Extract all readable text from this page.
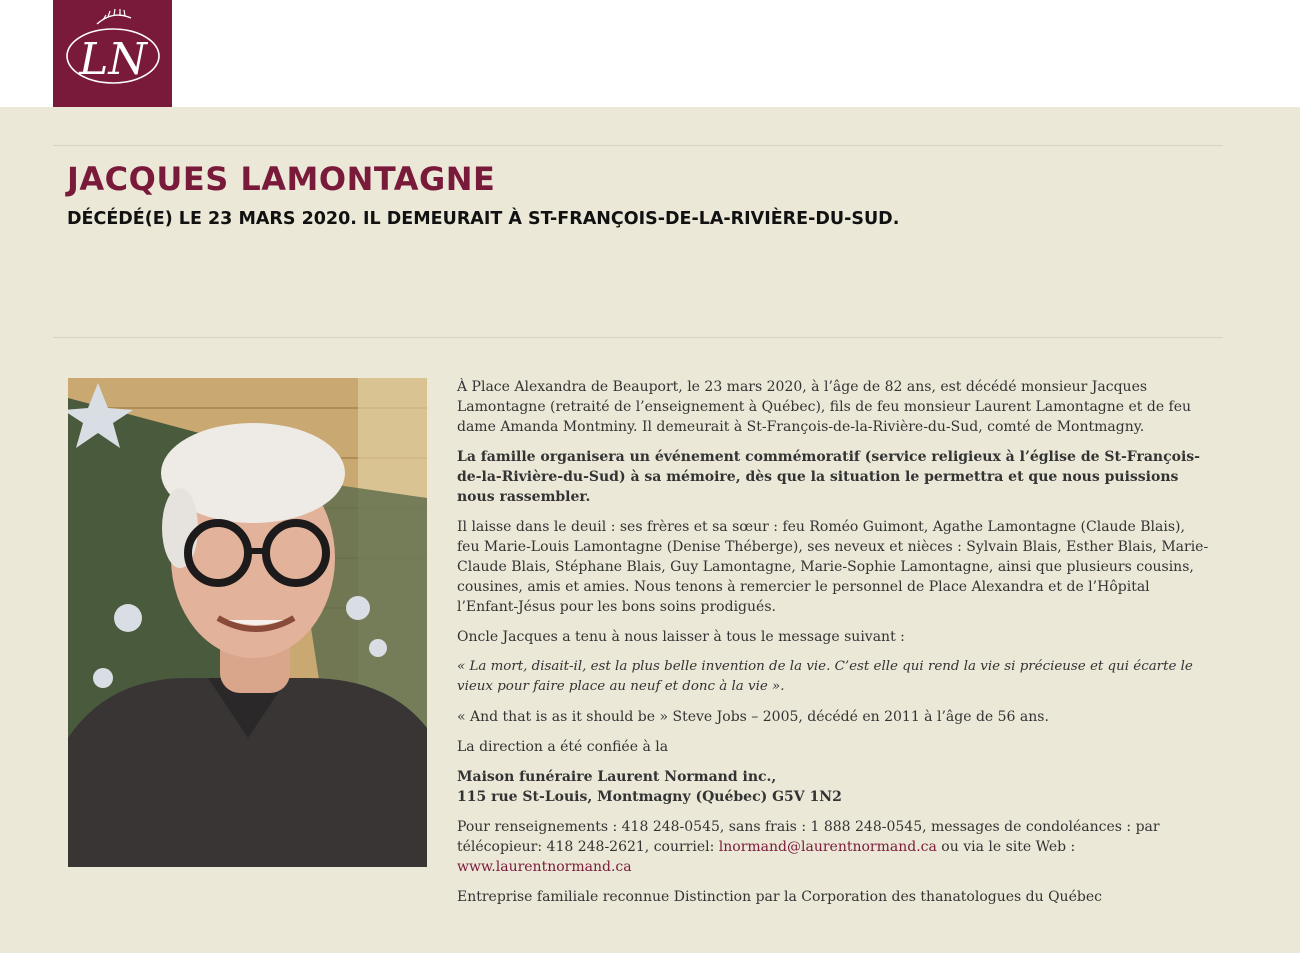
LN
JACQUES LAMONTAGNE
DÉCÉDÉ(E) LE 23 MARS 2020. IL DEMEURAIT À ST-FRANÇOIS-DE-LA-RIVIÈRE-DU-SUD.

À Place Alexandra de Beauport, le 23 mars 2020, à l’âge de 82 ans, est décédé monsieur Jacques Lamontagne (retraité de l’enseignement à Québec), fils de feu monsieur Laurent Lamontagne et de feu dame Amanda Montminy. Il demeurait à St-François-de-la-Rivière-du-Sud, comté de Montmagny.

La famille organisera un événement commémoratif (service religieux à l’église de St-François-de-la-Rivière-du-Sud) à sa mémoire, dès que la situation le permettra et que nous puissions nous rassembler.

Il laisse dans le deuil : ses frères et sa sœur : feu Roméo Guimont, Agathe Lamontagne (Claude Blais), feu Marie-Louis Lamontagne (Denise Théberge), ses neveux et nièces : Sylvain Blais, Esther Blais, Marie-Claude Blais, Stéphane Blais, Guy Lamontagne, Marie-Sophie Lamontagne, ainsi que plusieurs cousins, cousines, amis et amies. Nous tenons à remercier le personnel de Place Alexandra et de l’Hôpital l’Enfant-Jésus pour les bons soins prodigués.

Oncle Jacques a tenu à nous laisser à tous le message suivant :

« La mort, disait-il, est la plus belle invention de la vie. C’est elle qui rend la vie si précieuse et qui écarte le vieux pour faire place au neuf et donc à la vie ».

« And that is as it should be » Steve Jobs – 2005, décédé en 2011 à l’âge de 56 ans.

La direction a été confiée à la

Maison funéraire Laurent Normand inc.,
115 rue St-Louis, Montmagny (Québec) G5V 1N2

Pour renseignements : 418 248-0545, sans frais : 1 888 248-0545, messages de condoléances : par télécopieur: 418 248-2621, courriel: lnormand@laurentnormand.ca ou via le site Web : www.laurentnormand.ca

Entreprise familiale reconnue Distinction par la Corporation des thanatologues du Québec
